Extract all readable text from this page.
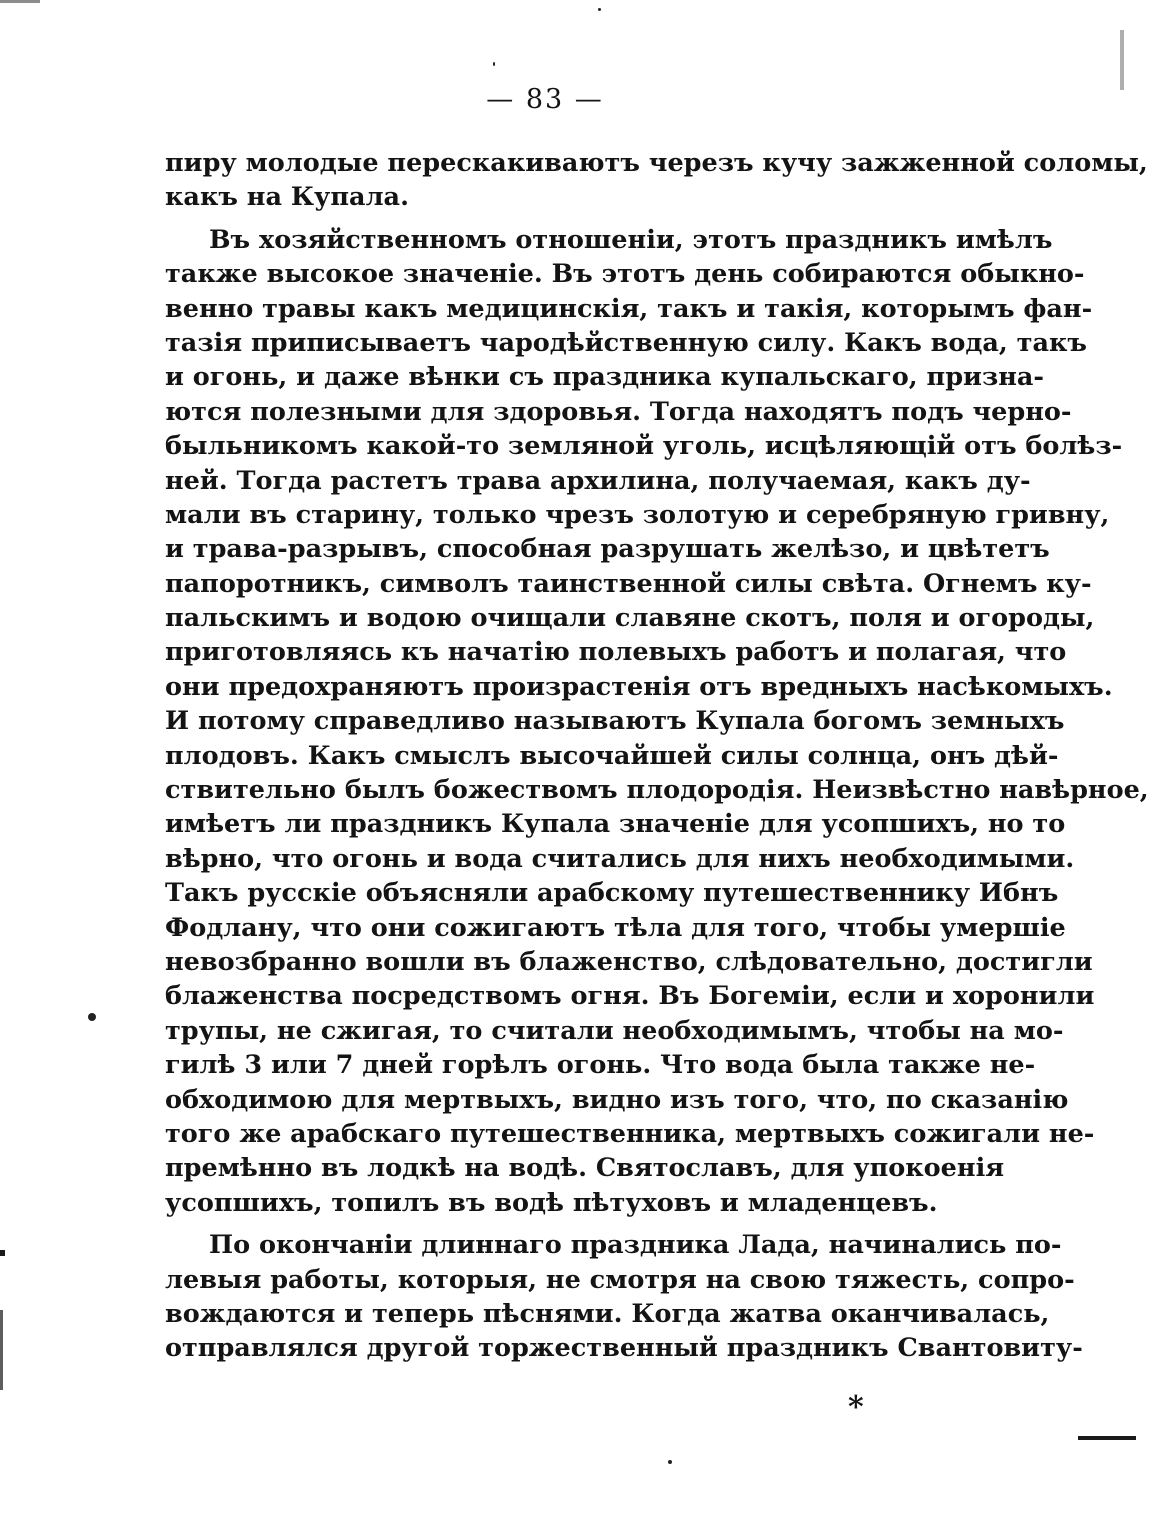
— 83 —
пиру молодые перескакиваютъ черезъ кучу зажженной соломы,
какъ на Купала.
Въ хозяйственномъ отношеніи, этотъ праздникъ имѣлъ
также высокое значеніе. Въ этотъ день собираются обыкно-
венно травы какъ медицинскія, такъ и такія, которымъ фан-
тазія приписываетъ чародѣйственную силу. Какъ вода, такъ
и огонь, и даже вѣнки съ праздника купальскаго, призна-
ются полезными для здоровья. Тогда находятъ подъ черно-
быльникомъ какой-то земляной уголь, исцѣляющій отъ болѣз-
ней. Тогда растетъ трава архилина, получаемая, какъ ду-
мали въ старину, только чрезъ золотую и серебряную гривну,
и трава-разрывъ, способная разрушать желѣзо, и цвѣтетъ
папоротникъ, символъ таинственной силы свѣта. Огнемъ ку-
пальскимъ и водою очищали славяне скотъ, поля и огороды,
приготовляясь къ начатію полевыхъ работъ и полагая, что
они предохраняютъ произрастенія отъ вредныхъ насѣкомыхъ.
И потому справедливо называютъ Купала богомъ земныхъ
плодовъ. Какъ смыслъ высочайшей силы солнца, онъ дѣй-
ствительно былъ божествомъ плодородія. Неизвѣстно навѣрное,
имѣетъ ли праздникъ Купала значеніе для усопшихъ, но то
вѣрно, что огонь и вода считались для нихъ необходимыми.
Такъ русскіе объясняли арабскому путешественнику Ибнъ
Фодлану, что они сожигаютъ тѣла для того, чтобы умершіе
невозбранно вошли въ блаженство, слѣдовательно, достигли
блаженства посредствомъ огня. Въ Богеміи, если и хоронили
трупы, не сжигая, то считали необходимымъ, чтобы на мо-
гилѣ 3 или 7 дней горѣлъ огонь. Что вода была также не-
обходимою для мертвыхъ, видно изъ того, что, по сказанію
того же арабскаго путешественника, мертвыхъ сожигали не-
премѣнно въ лодкѣ на водѣ. Святославъ, для упокоенія
усопшихъ, топилъ въ водѣ пѣтуховъ и младенцевъ.
По окончаніи длиннаго праздника Лада, начинались по-
левыя работы, которыя, не смотря на свою тяжесть, сопро-
вождаются и теперь пѣснями. Когда жатва оканчивалась,
отправлялся другой торжественный праздникъ Свантовиту-
*
